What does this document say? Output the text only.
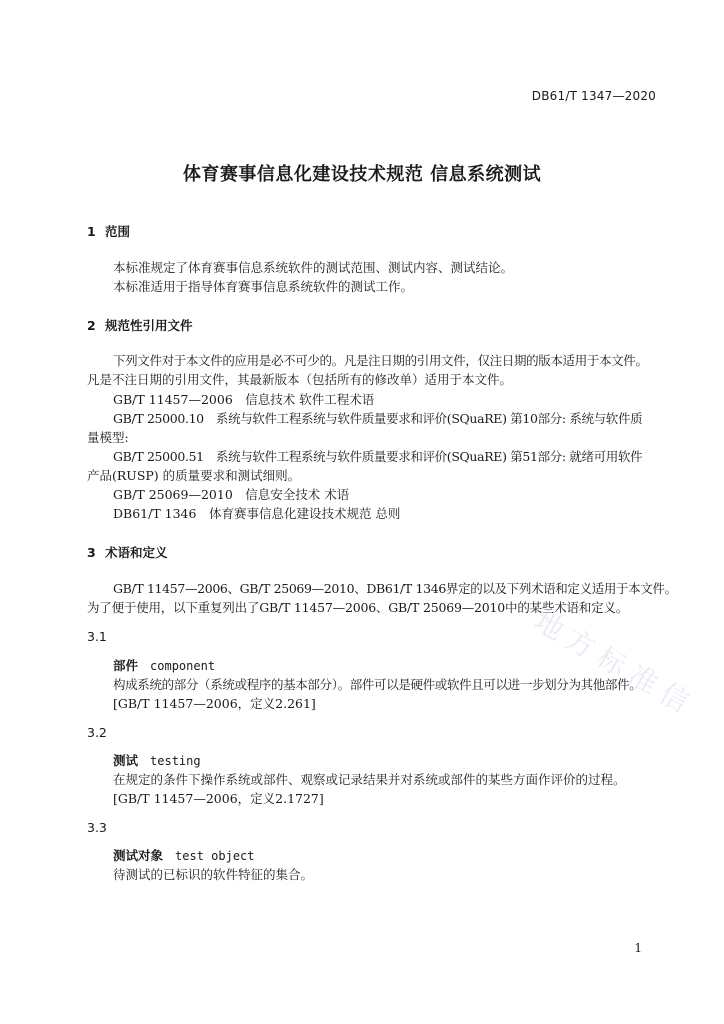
DB61/T 1347—2020
体育赛事信息化建设技术规范 信息系统测试
1 范围
本标准规定了体育赛事信息系统软件的测试范围、测试内容、测试结论。
本标准适用于指导体育赛事信息系统软件的测试工作。
2 规范性引用文件
下列文件对于本文件的应用是必不可少的。凡是注日期的引用文件，仅注日期的版本适用于本文件。
凡是不注日期的引用文件，其最新版本（包括所有的修改单）适用于本文件。
GB/T 11457—2006　信息技术 软件工程术语
GB/T 25000.10　系统与软件工程系统与软件质量要求和评价(SQuaRE) 第10部分: 系统与软件质
量模型:
GB/T 25000.51　系统与软件工程系统与软件质量要求和评价(SQuaRE) 第51部分: 就绪可用软件
产品(RUSP) 的质量要求和测试细则。
GB/T 25069—2010　信息安全技术 术语
DB61/T 1346　体育赛事信息化建设技术规范 总则
3 术语和定义
GB/T 11457—2006、GB/T 25069—2010、DB61/T 1346界定的以及下列术语和定义适用于本文件。
为了便于使用，以下重复列出了GB/T 11457—2006、GB/T 25069—2010中的某些术语和定义。
3.1
部件 component
构成系统的部分（系统或程序的基本部分）。部件可以是硬件或软件且可以进一步划分为其他部件。
[GB/T 11457—2006，定义2.261]
3.2
测试 testing
在规定的条件下操作系统或部件、观察或记录结果并对系统或部件的某些方面作评价的过程。
[GB/T 11457—2006，定义2.1727]
3.3
测试对象 test object
待测试的已标识的软件特征的集合。
地方标准信
1
